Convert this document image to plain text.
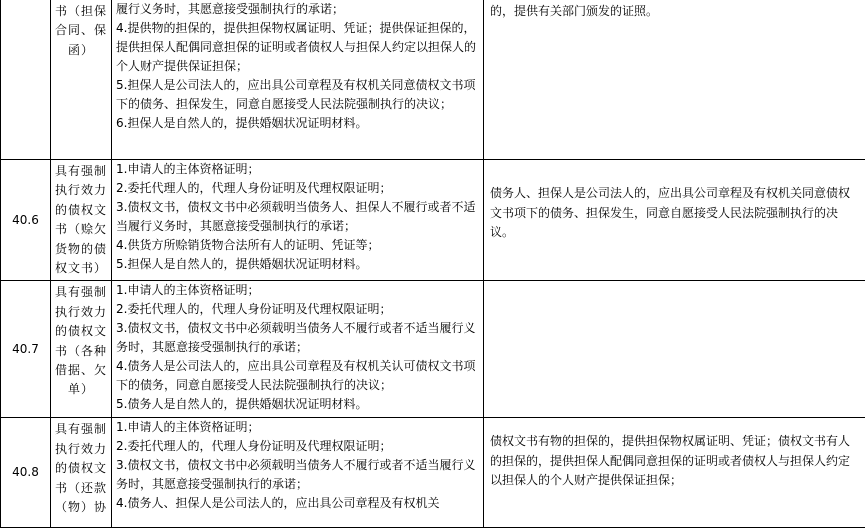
	书（担保合同、保函）	履行义务时，其愿意接受强制执行的承诺；

4.提供物的担保的，提供担保物权属证明、凭证；提供保证担保的，提供担保人配偶同意担保的证明或者债权人与担保人约定以担保人的个人财产提供保证担保；

5.担保人是公司法人的，应出具公司章程及有权机关同意债权文书项下的债务、担保发生，同意自愿接受人民法院强制执行的决议；

6.担保人是自然人的，提供婚姻状况证明材料。	的，提供有关部门颁发的证照。
40.6	具有强制执行效力的债权文书（赊欠货物的债权文书）	1.申请人的主体资格证明；

2.委托代理人的，代理人身份证明及代理权限证明；

3.债权文书，债权文书中必须载明当债务人、担保人不履行或者不适当履行义务时，其愿意接受强制执行的承诺；

4.供货方所赊销货物合法所有人的证明、凭证等；

5.担保人是自然人的，提供婚姻状况证明材料。	债务人、担保人是公司法人的，应出具公司章程及有权机关同意债权文书项下的债务、担保发生，同意自愿接受人民法院强制执行的决议。
40.7	具有强制执行效力的债权文书（各种借据、欠单）	1.申请人的主体资格证明；

2.委托代理人的，代理人身份证明及代理权限证明；

3.债权文书，债权文书中必须载明当债务人不履行或者不适当履行义务时，其愿意接受强制执行的承诺；

4.债务人是公司法人的，应出具公司章程及有权机关认可债权文书项下的债务，同意自愿接受人民法院强制执行的决议；

5.债务人是自然人的，提供婚姻状况证明材料。	

40.8	具有强制执行效力的债权文书（还款（物）协	1.申请人的主体资格证明；

2.委托代理人的，代理人身份证明及代理权限证明；

3.债权文书，债权文书中必须载明当债务人不履行或者不适当履行义务时，其愿意接受强制执行的承诺；

4.债务人、担保人是公司法人的，应出具公司章程及有权机关	债权文书有物的担保的，提供担保物权属证明、凭证；债权文书有人的担保的，提供担保人配偶同意担保的证明或者债权人与担保人约定以担保人的个人财产提供保证担保；
